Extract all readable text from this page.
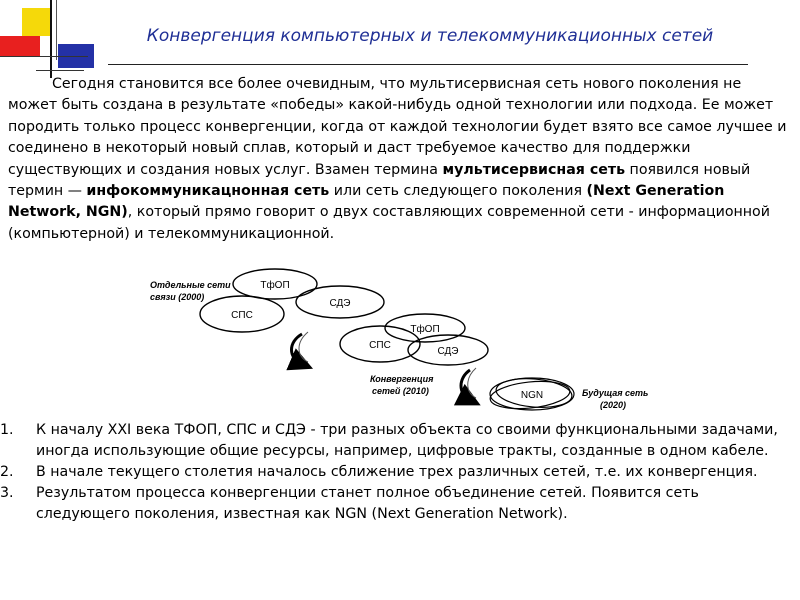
Конвергенция компьютерных и телекоммуникационных сетей

Сегодня становится все более очевидным, что мультисервисная сеть нового поколения не может быть создана в результате «победы» какой-нибудь одной технологии или подхода. Ее может породить только процесс конвергенции, когда от каждой технологии будет взято все самое лучшее и соединено в некоторый новый сплав, который и даст требуемое качество для поддержки существующих и создания новых услуг. Взамен термина мультисервисная сеть появился новый термин — инфокоммуникацнонная сеть или сеть следующего поколения (Next Generation Network, NGN), который прямо говорит о двух составляющих современной сети - информационной (компьютерной) и телекоммуникационной.

Отдельные сети
связи (2000)
ТфОП
СДЭ
СПС
ТфОП
СПС
СДЭ
Конвергенция
сетей (2010)	NGN	Будущая сеть
(2020)
1. К началу XXI века ТФОП, СПС и СДЭ - три разных объекта со своими функциональными задачами, иногда использующие общие ресурсы, например, цифровые тракты, созданные в одном кабеле.
2. В начале текущего столетия началось сближение трех различных сетей, т.е. их конвергенция.
3. Результатом процесса конвергенции станет полное объединение сетей. Появится сеть следующего поколения, известная как NGN (Next Generation Network).
